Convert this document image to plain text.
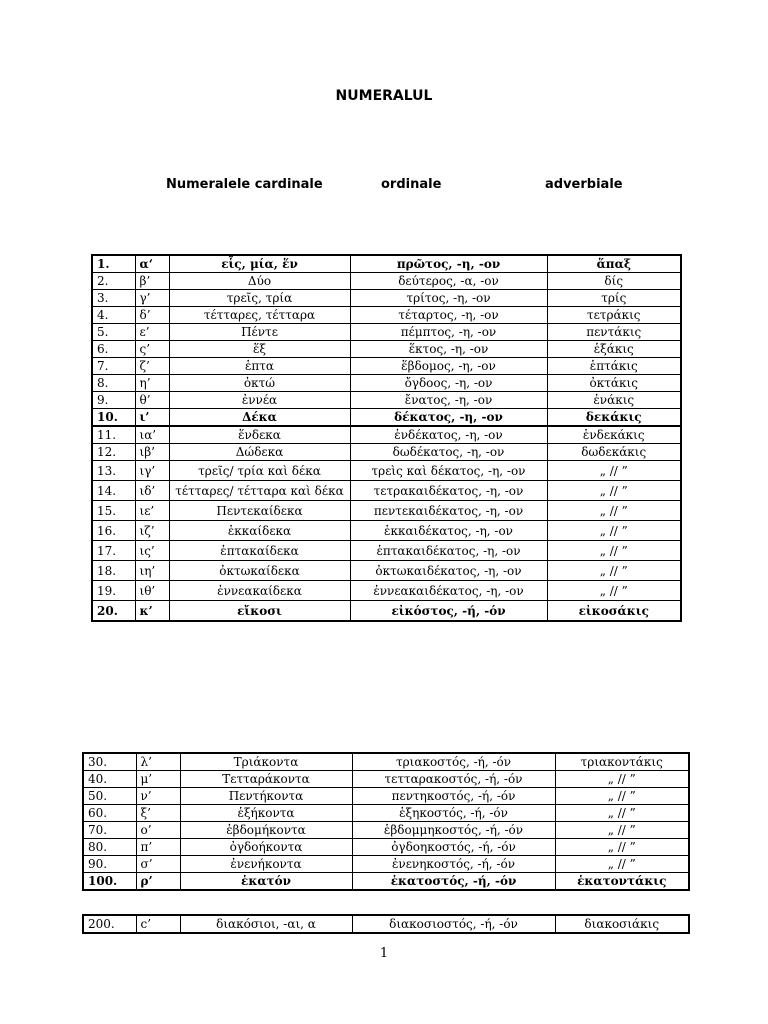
NUMERALUL
Numeralele cardinale	ordinale	adverbiale
1.	α‘	εἷς, μία, ἕν	πρῶτος, -η, -ον	ἅπαξ
2.	β’	Δύο	δεύτερος, -α, -ον	δίς
3.	γ’	τρεῖς, τρία	τρίτος, -η, -ον	τρίς
4.	δ’	τέτταρες, τέτταρα	τέταρτος, -η, -ον	τετράκις
5.	ε’	Πέντε	πέμπτος, -η, -ον	πεντάκις
6.	ς’	ἕξ	ἕκτος, -η, -ον	ἑξάκις
7.	ζ’	ἑπτα	ἕβδομος, -η, -ον	ἑπτάκις
8.	η’	ὀκτώ	ὄγδοος, -η, -ον	ὀκτάκις
9.	θ’	ἐννέα	ἔνατος, -η, -ον	ἐνάκις
10.	ι’	Δέκα	δέκατος, -η, -ον	δεκάκις
11.	ια’	ἕνδεκα	ἑνδέκατος, -η, -ον	ἑνδεκάκις
12.	ιβ’	Δώδεκα	δωδέκατος, -η, -ον	δωδεκάκις
13.	ιγ’	τρεῖς/ τρία καὶ δέκα	τρεὶς καὶ δέκατος, -η, -ον	„ // ”
14.	ιδ’	τέτταρες/ τέτταρα καὶ δέκα	τετρακαιδέκατος, -η, -ον	„ // ”
15.	ιε’	Πεντεκαίδεκα	πεντεκαιδέκατος, -η, -ον	„ // ”
16.	ιζ’	ἑκκαίδεκα	ἑκκαιδέκατος, -η, -ον	„ // ”
17.	ις’	ἑπτακαίδεκα	ἑπτακαιδέκατος, -η, -ον	„ // ”
18.	ιη’	ὀκτωκαίδεκα	ὀκτωκαιδέκατος, -η, -ον	„ // ”
19.	ιθ’	ἐννεακαίδεκα	ἐννεακαιδέκατος, -η, -ον	„ // ”
20.	κ’	εἴκοσι	εἰκόστος, -ή, -όν	εἰκοσάκις
30.	λ’	Τριάκοντα	τριακοστός, -ή, -όν	τριακοντάκις
40.	μ’	Τετταράκοντα	τετταρακοστός, -ή, -όν	„ // ”
50.	ν’	Πεντήκοντα	πεντηκοστός, -ή, -όν	„ // ”
60.	ξ’	ἑξήκοντα	ἑξηκοστός, -ή, -όν	„ // ”
70.	ο’	ἑβδομήκοντα	ἑβδομμηκοστός, -ή, -όν	„ // ”
80.	π’	ὀγδοήκοντα	ὀγδοηκοστός, -ή, -όν	„ // ”
90.	σ’	ἐνενήκοντα	ἐνενηκοστός, -ή, -όν	„ // ”
100.	ρ’	ἑκατόν	ἑκατοστός, -ή, -όν	ἑκατοντάκις
200.	c’	διακόσιοι, -αι, α	διακοσιοστός, -ή, -όν	διακοσιάκις
1
